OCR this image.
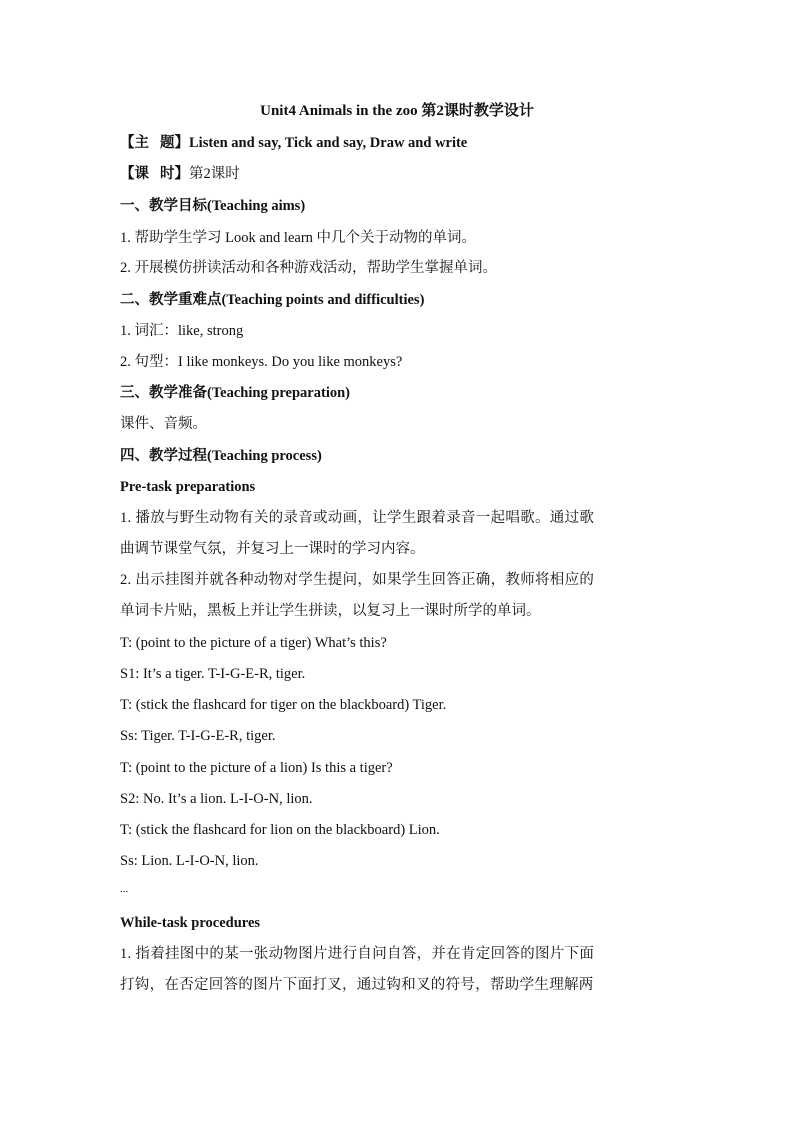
Unit4 Animals in the zoo 第2课时教学设计
【主 题】Listen and say, Tick and say, Draw and write
【课 时】第2课时
一、教学目标(Teaching aims)
1. 帮助学生学习 Look and learn 中几个关于动物的单词。
2. 开展模仿拼读活动和各种游戏活动，帮助学生掌握单词。
二、教学重难点(Teaching points and difficulties)
1. 词汇：like, strong
2. 句型：I like monkeys. Do you like monkeys?
三、教学准备(Teaching preparation)
课件、音频。
四、教学过程(Teaching process)
Pre-task preparations
1. 播放与野生动物有关的录音或动画，让学生跟着录音一起唱歌。通过歌
曲调节课堂气氛，并复习上一课时的学习内容。
2. 出示挂图并就各种动物对学生提问，如果学生回答正确，教师将相应的
单词卡片贴，黑板上并让学生拼读，以复习上一课时所学的单词。
T: (point to the picture of a tiger) What’s this?
S1: It’s a tiger. T-I-G-E-R, tiger.
T: (stick the flashcard for tiger on the blackboard) Tiger.
Ss: Tiger. T-I-G-E-R, tiger.
T: (point to the picture of a lion) Is this a tiger?
S2: No. It’s a lion. L-I-O-N, lion.
T: (stick the flashcard for lion on the blackboard) Lion.
Ss: Lion. L-I-O-N, lion.
...
While-task procedures
1. 指着挂图中的某一张动物图片进行自问自答，并在肯定回答的图片下面
打钩，在否定回答的图片下面打叉，通过钩和叉的符号，帮助学生理解两
